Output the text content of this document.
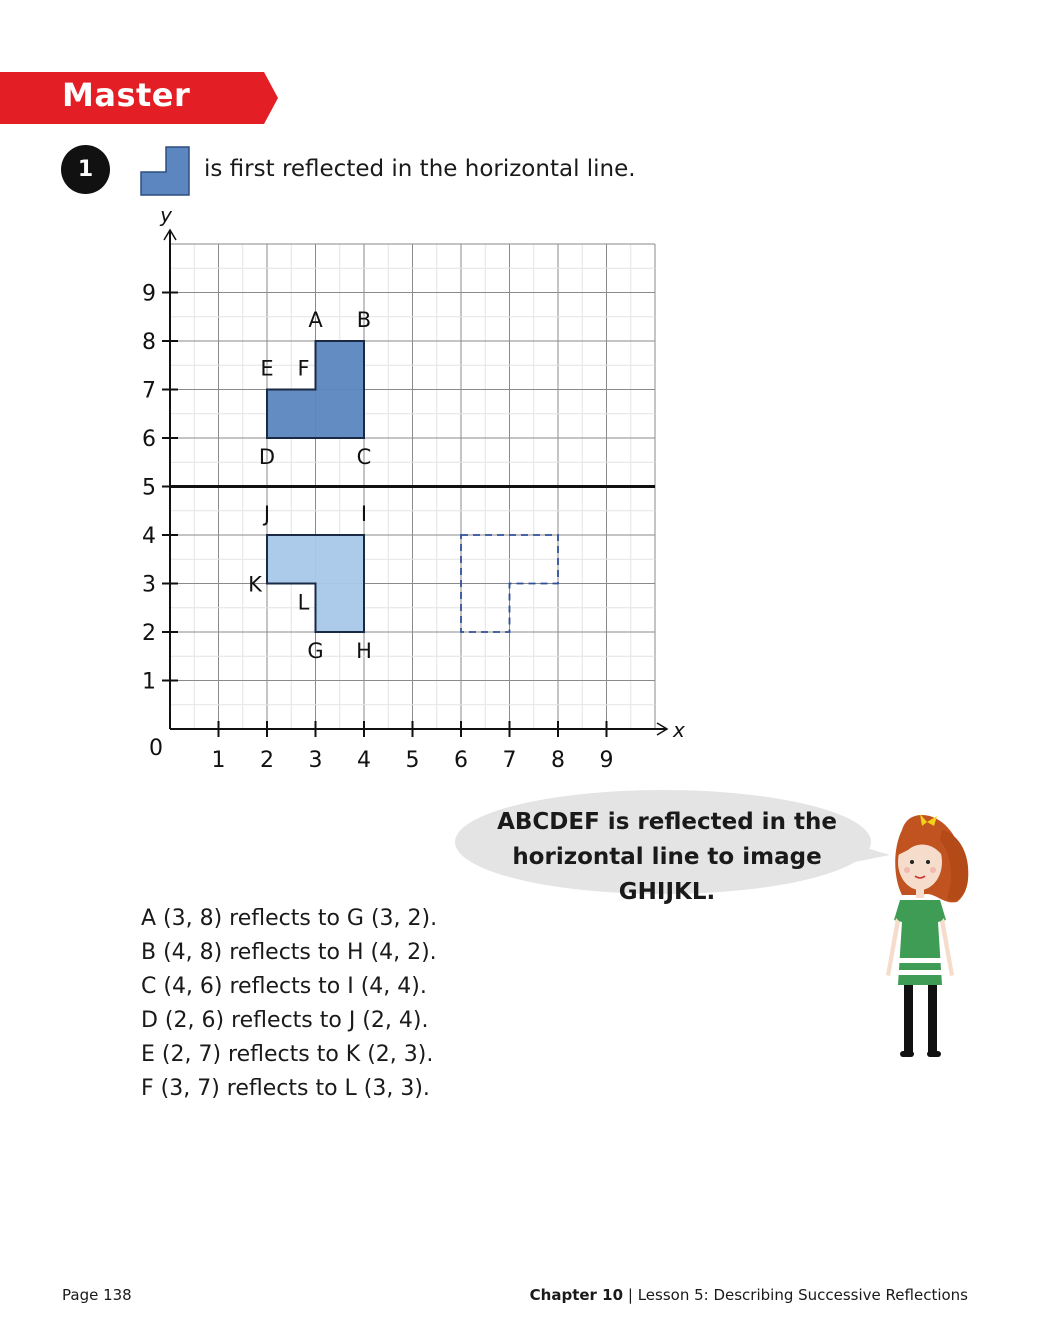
Master
1	is first reflected in the horizontal line.
x
y
0 1 2 3 4 5 6 7 8 9
1
2
3
4
5
6
7
8
9
A B
C
D
E F
G H
I
J
K
L
ABCDEF is reflected in the
horizontal line to image GHIJKL.
A (3, 8) reflects to G (3, 2).
B (4, 8) reflects to H (4, 2).
C (4, 6) reflects to I (4, 4).
D (2, 6) reflects to J (2, 4).
E (2, 7) reflects to K (2, 3).
F (3, 7) reflects to L (3, 3).
Page 138	Chapter 10 | Lesson 5: Describing Successive Reflections
